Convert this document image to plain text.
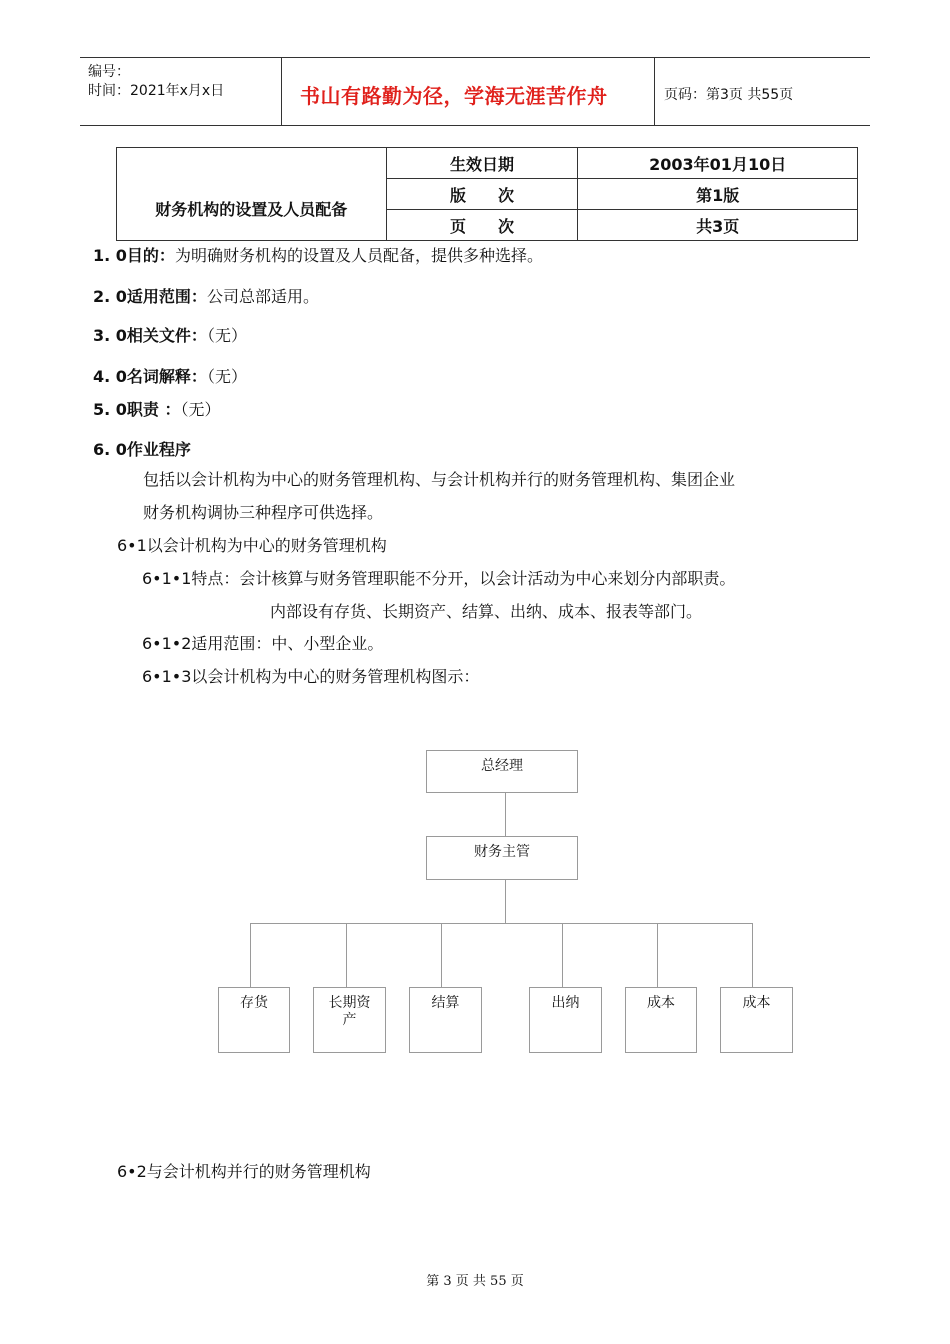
编号：
时间：2021年x月x日	书山有路勤为径，学海无涯苦作舟	页码：第3页 共55页
财务机构的设置及人员配备	生效日期	2003年01月10日
	版　　次	第1版
	页　　次	共3页
1. 0目的：为明确财务机构的设置及人员配备，提供多种选择。
2. 0适用范围：公司总部适用。
3. 0相关文件：（无）
4. 0名词解释：（无）
5. 0职责 ：（无）
6. 0作业程序
包括以会计机构为中心的财务管理机构、与会计机构并行的财务管理机构、集团企业
财务机构调协三种程序可供选择。
6•1以会计机构为中心的财务管理机构
6•1•1特点：会计核算与财务管理职能不分开，以会计活动为中心来划分内部职责。
内部设有存货、长期资产、结算、出纳、成本、报表等部门。
6•1•2适用范围：中、小型企业。
6•1•3以会计机构为中心的财务管理机构图示：
总经理
财务主管
存货	长期资产
结算	出纳	成本	成本
6•2与会计机构并行的财务管理机构
第 3 页 共 55 页
